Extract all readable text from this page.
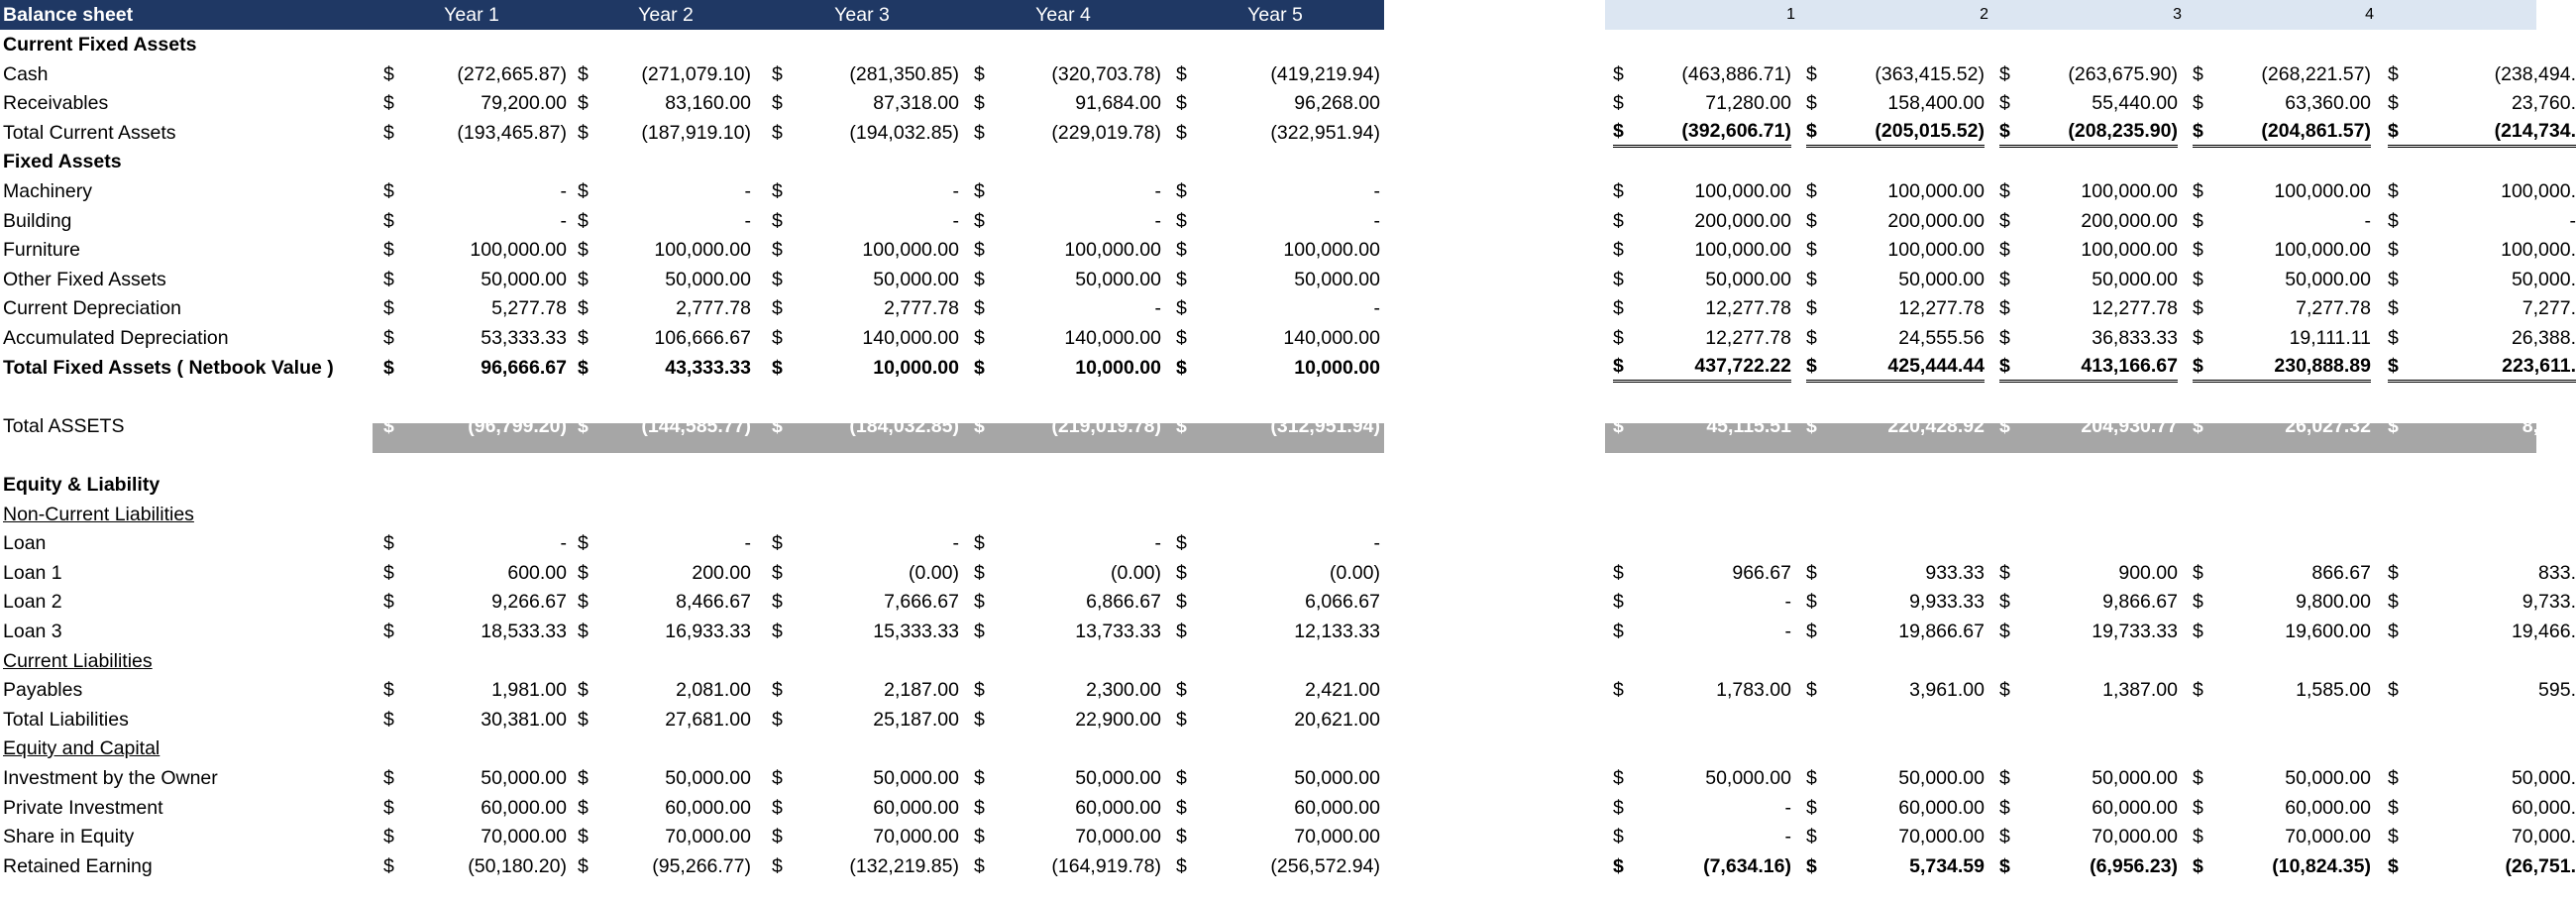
Balance sheet	Year 1	Year 2	Year 3	Year 4	Year 5	1	2	3	4
Current Fixed Assets
Cash	$	(272,665.87) $	(271,079.10) $	(281,350.85) $	(320,703.78) $	(419,219.94)	$	(463,886.71) $	(363,415.52) $	(263,675.90) $	(268,221.57) $	(238,494.
Receivables	$	79,200.00 $	83,160.00 $	87,318.00 $	91,684.00 $	96,268.00	$	71,280.00 $	158,400.00 $	55,440.00 $	63,360.00 $	23,760.
Total Current Assets	$	(193,465.87) $	(187,919.10) $	(194,032.85) $	(229,019.78) $	(322,951.94)	$	(392,606.71) $	(205,015.52) $	(208,235.90) $	(204,861.57) $	(214,734.
Fixed Assets
Machinery	$	- $	- $	- $	- $	-	$	100,000.00 $	100,000.00 $	100,000.00 $	100,000.00 $	100,000.
Building	$	- $	- $	- $	- $	-	$	200,000.00 $	200,000.00 $	200,000.00 $	- $	-
Furniture	$	100,000.00 $	100,000.00 $	100,000.00 $	100,000.00 $	100,000.00	$	100,000.00 $	100,000.00 $	100,000.00 $	100,000.00 $	100,000.
Other Fixed Assets	$	50,000.00 $	50,000.00 $	50,000.00 $	50,000.00 $	50,000.00	$	50,000.00 $	50,000.00 $	50,000.00 $	50,000.00 $	50,000.
Current Depreciation	$	5,277.78 $	2,777.78 $	2,777.78 $	- $	-	$	12,277.78 $	12,277.78 $	12,277.78 $	7,277.78 $	7,277.
Accumulated Depreciation	$	53,333.33 $	106,666.67 $	140,000.00 $	140,000.00 $	140,000.00	$	12,277.78 $	24,555.56 $	36,833.33 $	19,111.11 $	26,388.
Total Fixed Assets ( Netbook Value )	$	96,666.67 $	43,333.33 $	10,000.00 $	10,000.00 $	10,000.00	$	437,722.22 $	425,444.44 $	413,166.67 $	230,888.89 $	223,611.
Total ASSETS	$	(96,799.20) $	(144,585.77) $	(184,032.85) $	(219,019.78) $	(312,951.94)	$	45,115.51 $	220,428.92 $	204,930.77 $	26,027.32 $	8,876.
Equity & Liability
Non-Current Liabilities
Loan	$	- $	- $	- $	- $	-
Loan 1	$	600.00 $	200.00 $	(0.00) $	(0.00) $	(0.00)	$	966.67 $	933.33 $	900.00 $	866.67 $	833.
Loan 2	$	9,266.67 $	8,466.67 $	7,666.67 $	6,866.67 $	6,066.67	$	- $	9,933.33 $	9,866.67 $	9,800.00 $	9,733.
Loan 3	$	18,533.33 $	16,933.33 $	15,333.33 $	13,733.33 $	12,133.33	$	- $	19,866.67 $	19,733.33 $	19,600.00 $	19,466.
Current Liabilities
Payables	$	1,981.00 $	2,081.00 $	2,187.00 $	2,300.00 $	2,421.00	$	1,783.00 $	3,961.00 $	1,387.00 $	1,585.00 $	595.
Total Liabilities	$	30,381.00 $	27,681.00 $	25,187.00 $	22,900.00 $	20,621.00
Equity and Capital
Investment by the Owner	$	50,000.00 $	50,000.00 $	50,000.00 $	50,000.00 $	50,000.00	$	50,000.00 $	50,000.00 $	50,000.00 $	50,000.00 $	50,000.
Private Investment	$	60,000.00 $	60,000.00 $	60,000.00 $	60,000.00 $	60,000.00	$	- $	60,000.00 $	60,000.00 $	60,000.00 $	60,000.
Share in Equity	$	70,000.00 $	70,000.00 $	70,000.00 $	70,000.00 $	70,000.00	$	- $	70,000.00 $	70,000.00 $	70,000.00 $	70,000.
Retained Earning	$	(50,180.20) $	(95,266.77) $	(132,219.85) $	(164,919.78) $	(256,572.94)	$	(7,634.16) $	5,734.59 $	(6,956.23) $	(10,824.35) $	(26,751.
